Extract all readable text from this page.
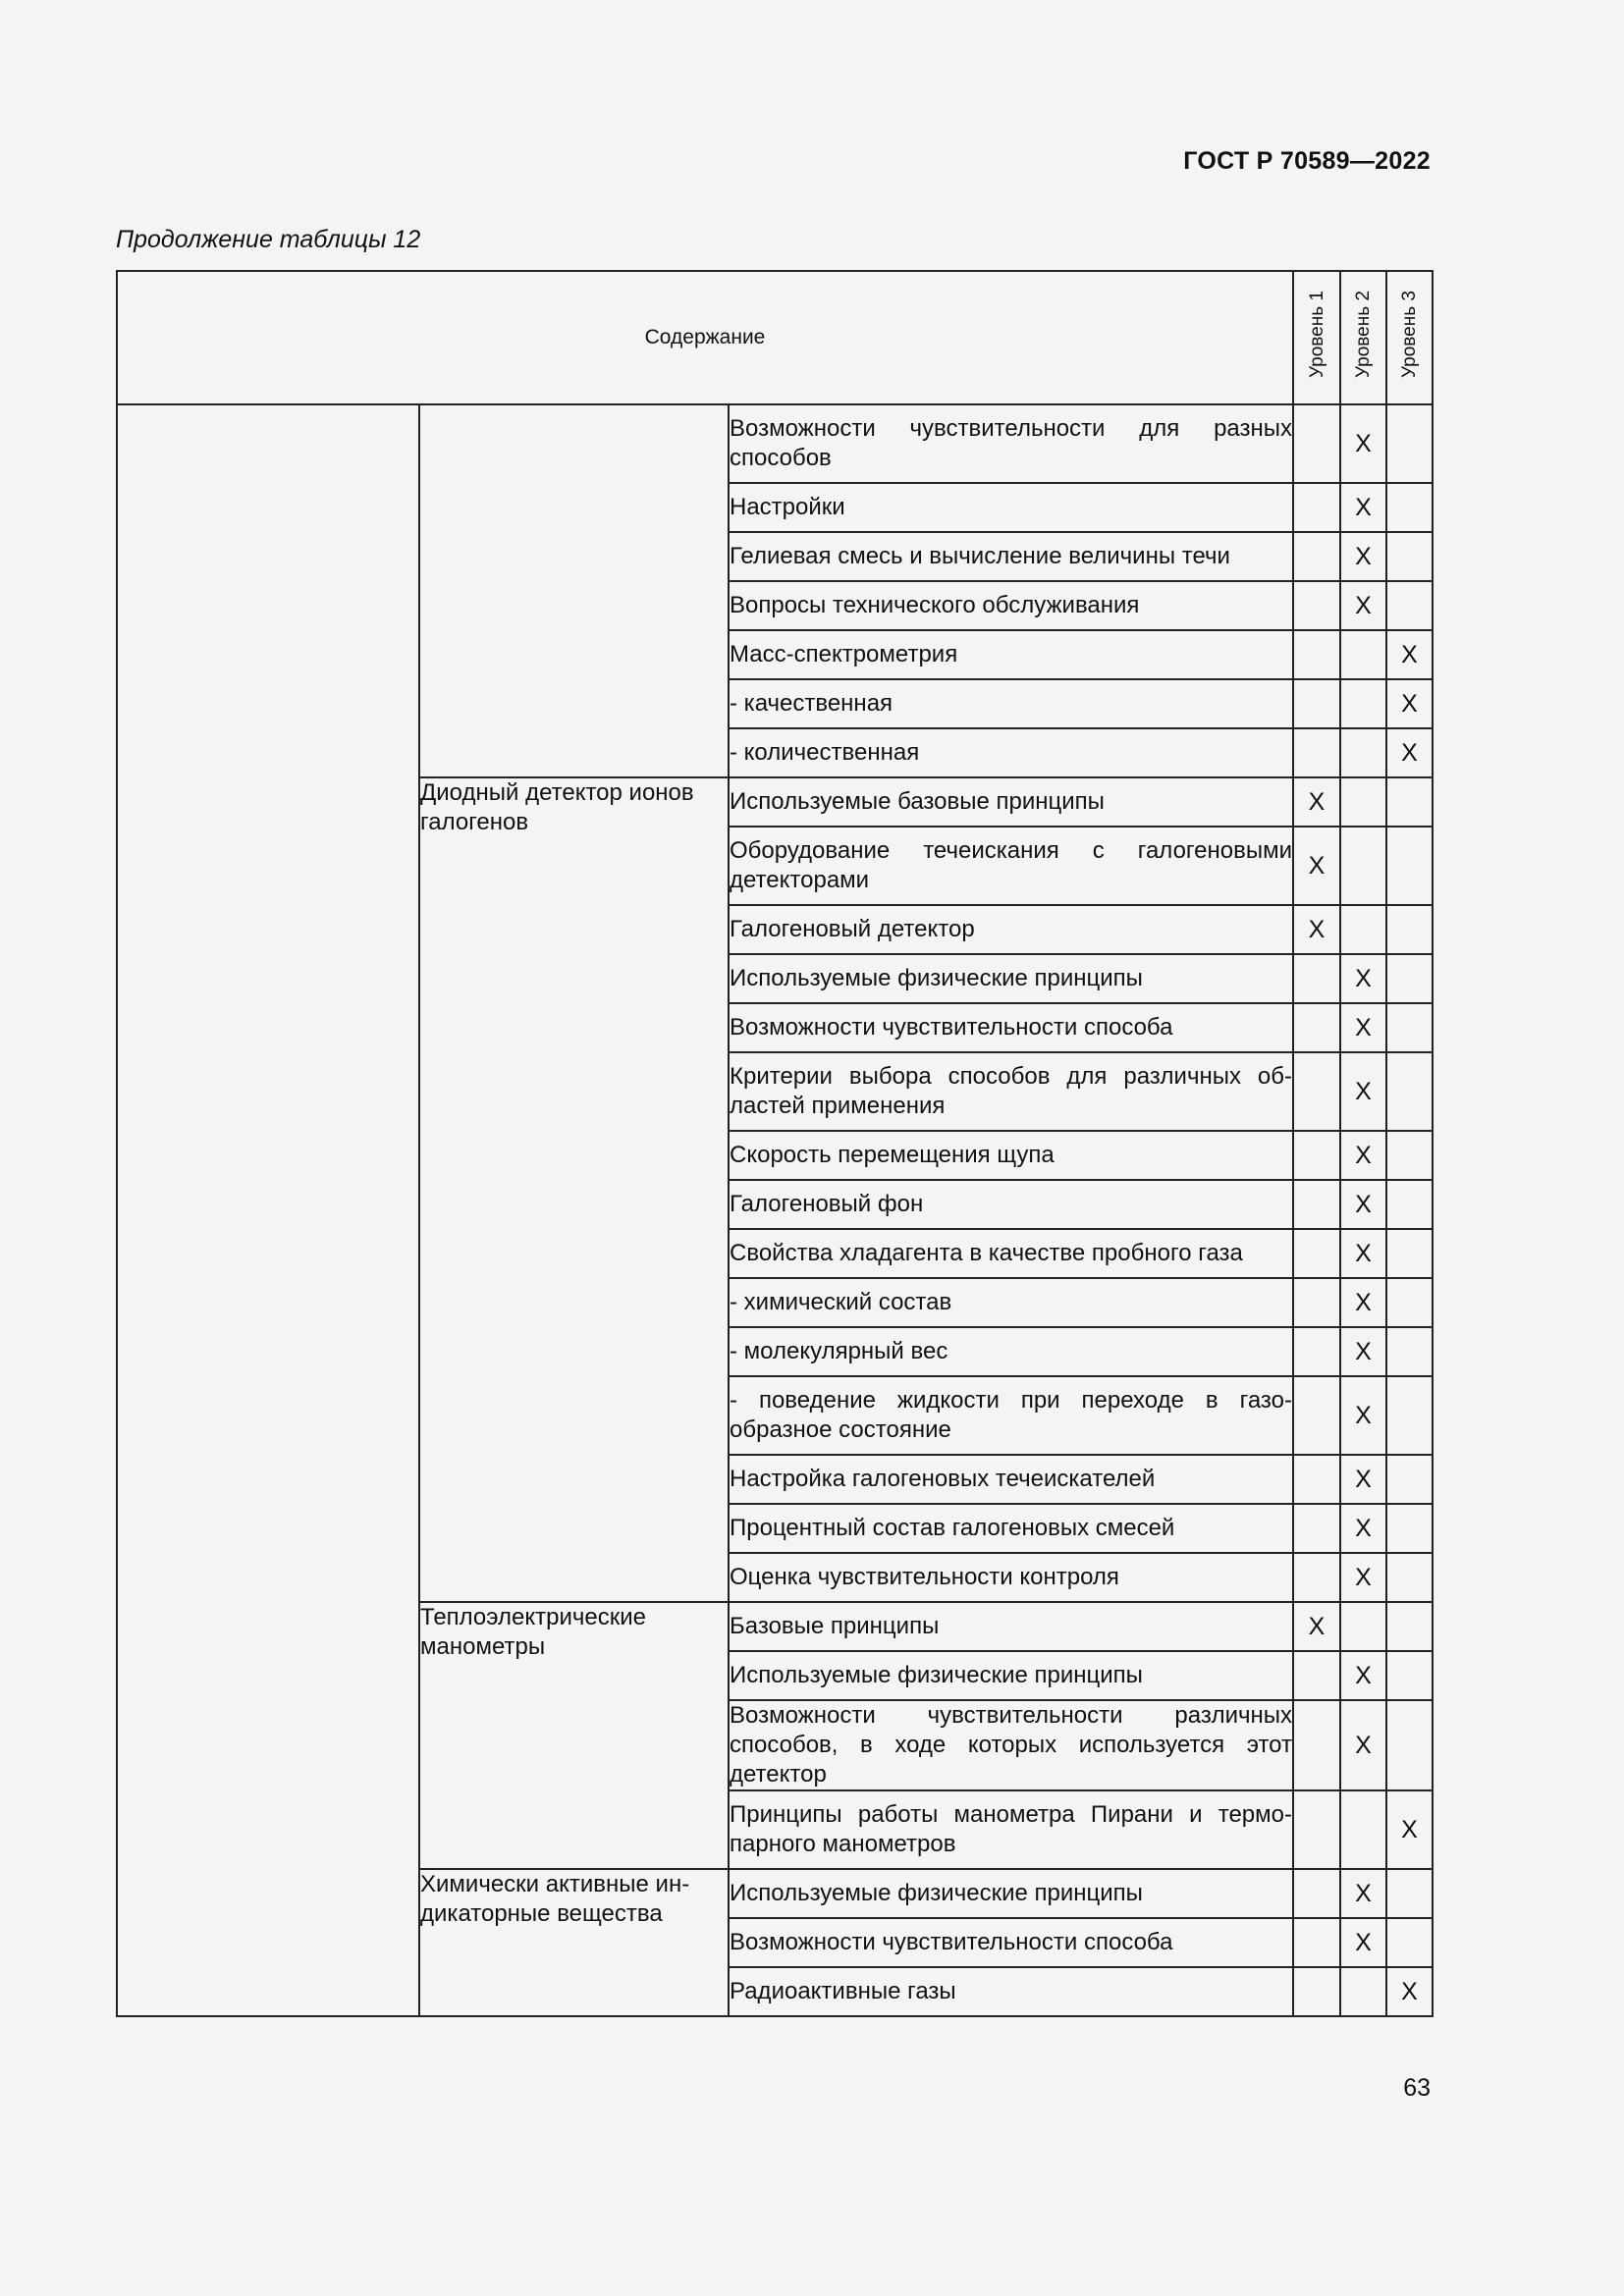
ГОСТ Р 70589—2022
Продолжение таблицы 12
Содержание			Уровень 1	Уровень 2	Уровень 3
		Возможности чувствительности для разных способов		X	
		Настройки		X	
		Гелиевая смесь и вычисление величины течи		X	
		Вопросы технического обслуживания		X	
		Масс-спектрометрия			X
		- качественная			X
		- количественная			X
	Диодный детектор ионов галогенов	Используемые базовые принципы	X		
		Оборудование течеискания с галогеновыми детекторами	X		
		Галогеновый детектор	X		
		Используемые физические принципы		X	
		Возможности чувствительности способа		X	
		Критерии выбора способов для различных об-ластей применения		X	
		Скорость перемещения щупа		X	
		Галогеновый фон		X	
		Свойства хладагента в качестве пробного газа		X	
		- химический состав		X	
		- молекулярный вес		X	
		- поведение жидкости при переходе в газо-образное состояние		X	
		Настройка галогеновых течеискателей		X	
		Процентный состав галогеновых смесей		X	
		Оценка чувствительности контроля		X	
	Теплоэлектрические манометры	Базовые принципы	X		
		Используемые физические принципы		X	
		Возможности чувствительности различных способов, в ходе которых используется этот детектор		X	
		Принципы работы манометра Пирани и термо-парного манометров			X
	Химически активные ин-дикаторные вещества	Используемые физические принципы		X	
		Возможности чувствительности способа		X	
		Радиоактивные газы			X
63
